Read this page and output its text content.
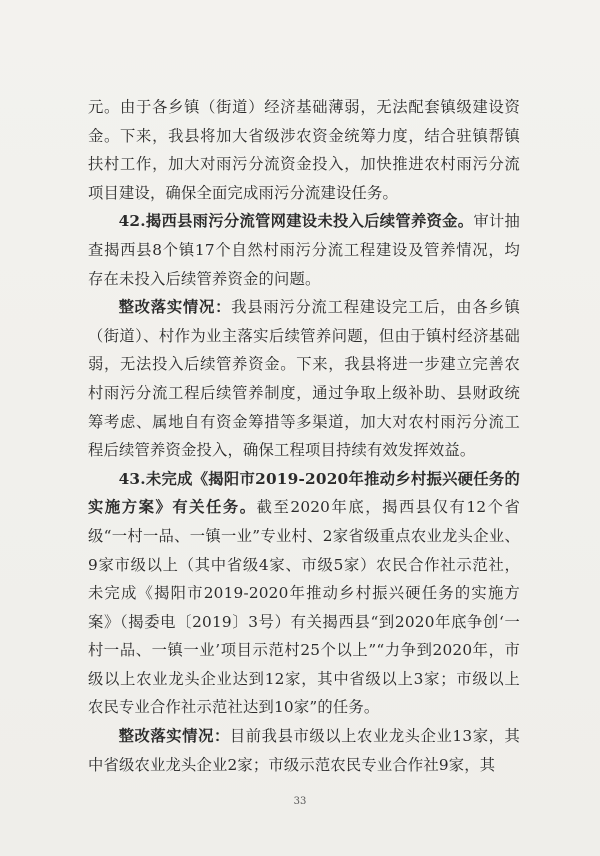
元。由于各乡镇（街道）经济基础薄弱，无法配套镇级建设资金。下来，我县将加大省级涉农资金统筹力度，结合驻镇帮镇扶村工作，加大对雨污分流资金投入，加快推进农村雨污分流项目建设，确保全面完成雨污分流建设任务。

42.揭西县雨污分流管网建设未投入后续管养资金。审计抽查揭西县8个镇17个自然村雨污分流工程建设及管养情况，均存在未投入后续管养资金的问题。

整改落实情况：我县雨污分流工程建设完工后，由各乡镇（街道）、村作为业主落实后续管养问题，但由于镇村经济基础弱，无法投入后续管养资金。下来，我县将进一步建立完善农村雨污分流工程后续管养制度，通过争取上级补助、县财政统筹考虑、属地自有资金筹措等多渠道，加大对农村雨污分流工程后续管养资金投入，确保工程项目持续有效发挥效益。

43.未完成《揭阳市2019-2020年推动乡村振兴硬任务的实施方案》有关任务。截至2020年底，揭西县仅有12个省级“一村一品、一镇一业”专业村、2家省级重点农业龙头企业、9家市级以上（其中省级4家、市级5家）农民合作社示范社，未完成《揭阳市2019-2020年推动乡村振兴硬任务的实施方案》（揭委电〔2019〕3号）有关揭西县“到2020年底争创‘一村一品、一镇一业’项目示范村25个以上”“力争到2020年，市级以上农业龙头企业达到12家，其中省级以上3家；市级以上农民专业合作社示范社达到10家”的任务。

整改落实情况：目前我县市级以上农业龙头企业13家，其中省级农业龙头企业2家；市级示范农民专业合作社9家，其

33
